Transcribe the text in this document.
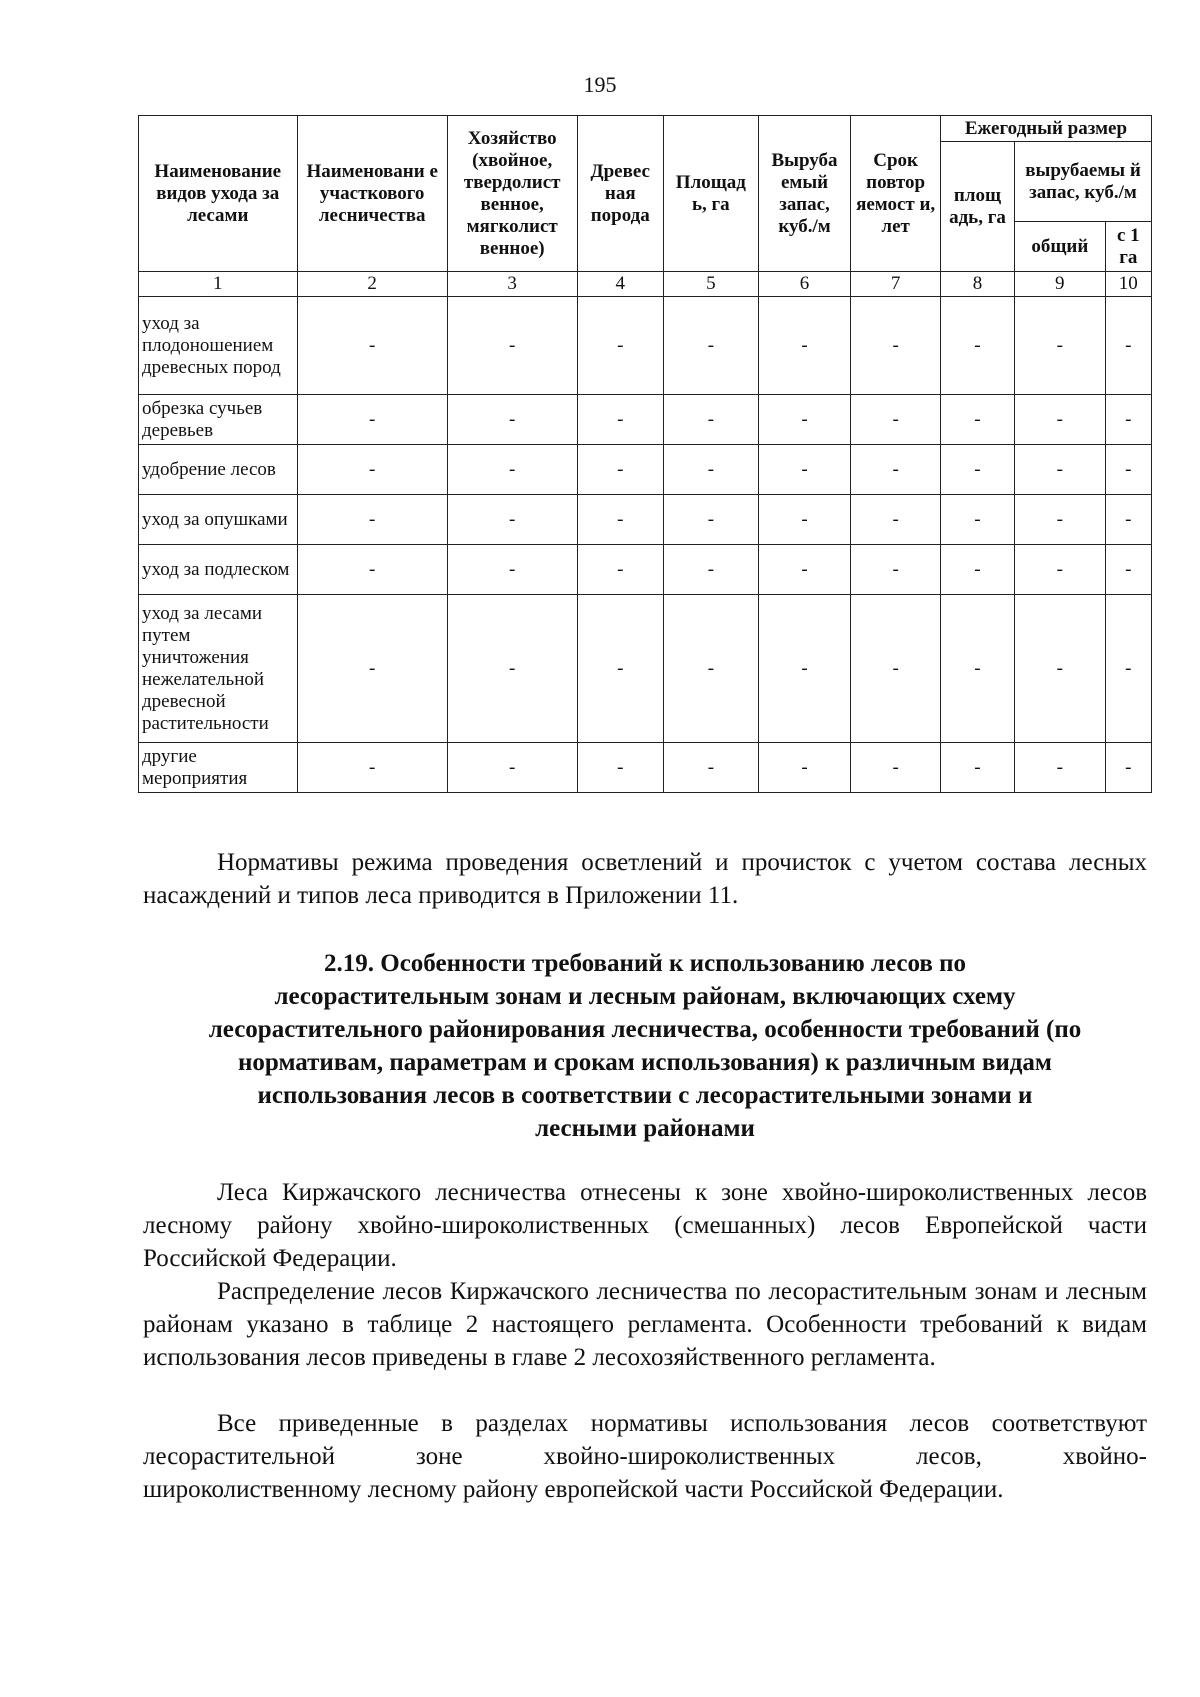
195
Наименование видов ухода за лесами	Наименовани е участкового лесничества	Хозяйство (хвойное, твердолист венное, мягколист венное)	Древес ная порода	Площад ь, га	Выруба емый запас, куб./м	Срок повтор яемост и, лет	Ежегодный размер		
							площ адь, га	вырубаемы й запас, куб./м	
								общий	с 1 га
1	2	3	4	5	6	7	8	9	10
уход за плодоношением древесных пород	-	-	-	-	-	-	-	-	-
обрезка сучьев деревьев	-	-	-	-	-	-	-	-	-
удобрение лесов	-	-	-	-	-	-	-	-	-
уход за опушками	-	-	-	-	-	-	-	-	-
уход за подлеском	-	-	-	-	-	-	-	-	-
уход за лесами путем уничтожения нежелательной древесной растительности	-	-	-	-	-	-	-	-	-
другие мероприятия	-	-	-	-	-	-	-	-	-
Нормативы режима проведения осветлений и прочисток с учетом состава лесных насаждений и типов леса приводится в Приложении 11.
2.19. Особенности требований к использованию лесов по
лесорастительным зонам и лесным районам, включающих схему
лесорастительного районирования лесничества, особенности требований (по
нормативам, параметрам и срокам использования) к различным видам
использования лесов в соответствии с лесорастительными зонами и
лесными районами
Леса Киржачского лесничества отнесены к зоне хвойно-широколиственных лесов лесному району хвойно-широколиственных (смешанных) лесов Европейской части Российской Федерации.
Распределение лесов Киржачского лесничества по лесорастительным зонам и лесным районам указано в таблице 2 настоящего регламента. Особенности требований к видам использования лесов приведены в главе 2 лесохозяйственного регламента.
Все приведенные в разделах нормативы использования лесов соответствуют лесорастительной зоне хвойно-широколиственных лесов, хвойно-
широколиственному лесному району европейской части Российской Федерации.
